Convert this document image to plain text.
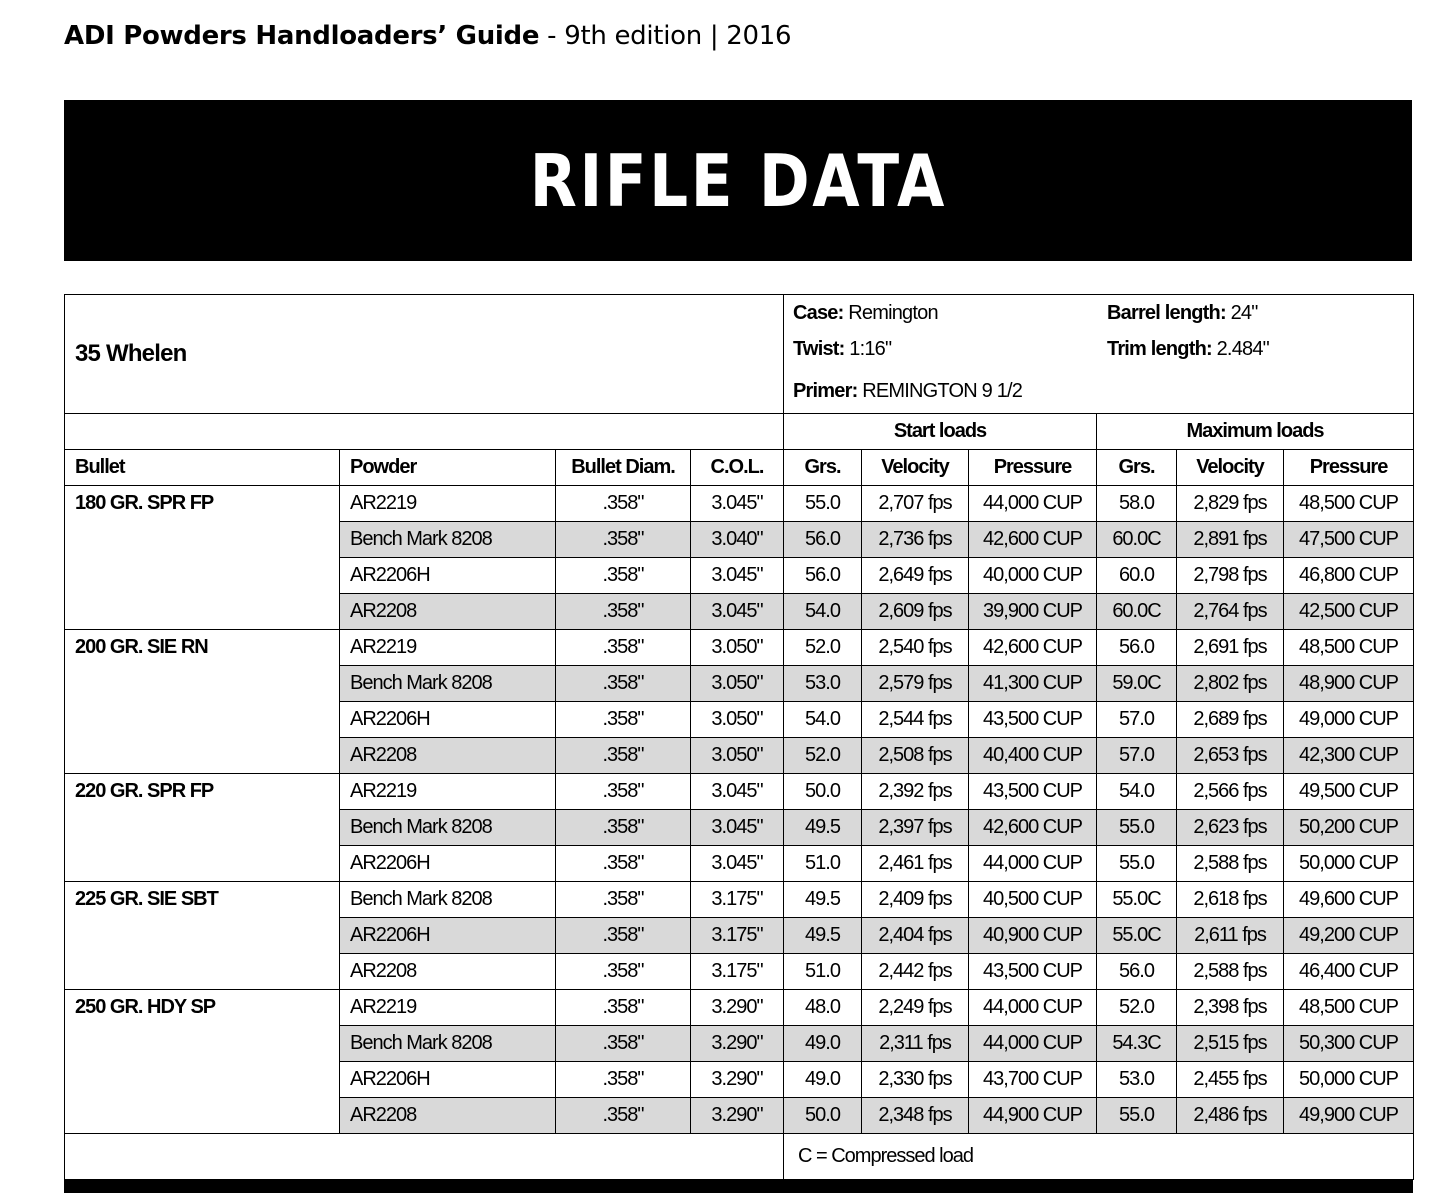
ADI Powders Handloaders’ Guide - 9th edition | 2016
RIFLE DATA
35 Whelen				Case: Remington Barrel length: 24"
Twist: 1:16" Trim length: 2.484"
Primer: REMINGTON 9 1/2					

				Start loads			Maximum loads		
Bullet	Powder	Bullet Diam.	C.O.L.	Grs.	Velocity	Pressure	Grs.	Velocity	Pressure
180 GR. SPR FP	AR2219	.358"	3.045"	55.0	2,707 fps	44,000 CUP	58.0	2,829 fps	48,500 CUP
	Bench Mark 8208	.358"	3.040"	56.0	2,736 fps	42,600 CUP	60.0C	2,891 fps	47,500 CUP
	AR2206H	.358"	3.045"	56.0	2,649 fps	40,000 CUP	60.0	2,798 fps	46,800 CUP
	AR2208	.358"	3.045"	54.0	2,609 fps	39,900 CUP	60.0C	2,764 fps	42,500 CUP
200 GR. SIE RN	AR2219	.358"	3.050"	52.0	2,540 fps	42,600 CUP	56.0	2,691 fps	48,500 CUP
	Bench Mark 8208	.358"	3.050"	53.0	2,579 fps	41,300 CUP	59.0C	2,802 fps	48,900 CUP
	AR2206H	.358"	3.050"	54.0	2,544 fps	43,500 CUP	57.0	2,689 fps	49,000 CUP
	AR2208	.358"	3.050"	52.0	2,508 fps	40,400 CUP	57.0	2,653 fps	42,300 CUP
220 GR. SPR FP	AR2219	.358"	3.045"	50.0	2,392 fps	43,500 CUP	54.0	2,566 fps	49,500 CUP
	Bench Mark 8208	.358"	3.045"	49.5	2,397 fps	42,600 CUP	55.0	2,623 fps	50,200 CUP
	AR2206H	.358"	3.045"	51.0	2,461 fps	44,000 CUP	55.0	2,588 fps	50,000 CUP
225 GR. SIE SBT	Bench Mark 8208	.358"	3.175"	49.5	2,409 fps	40,500 CUP	55.0C	2,618 fps	49,600 CUP
	AR2206H	.358"	3.175"	49.5	2,404 fps	40,900 CUP	55.0C	2,611 fps	49,200 CUP
	AR2208	.358"	3.175"	51.0	2,442 fps	43,500 CUP	56.0	2,588 fps	46,400 CUP
250 GR. HDY SP	AR2219	.358"	3.290"	48.0	2,249 fps	44,000 CUP	52.0	2,398 fps	48,500 CUP
	Bench Mark 8208	.358"	3.290"	49.0	2,311 fps	44,000 CUP	54.3C	2,515 fps	50,300 CUP
	AR2206H	.358"	3.290"	49.0	2,330 fps	43,700 CUP	53.0	2,455 fps	50,000 CUP
	AR2208	.358"	3.290"	50.0	2,348 fps	44,900 CUP	55.0	2,486 fps	49,900 CUP
				C = Compressed load					
